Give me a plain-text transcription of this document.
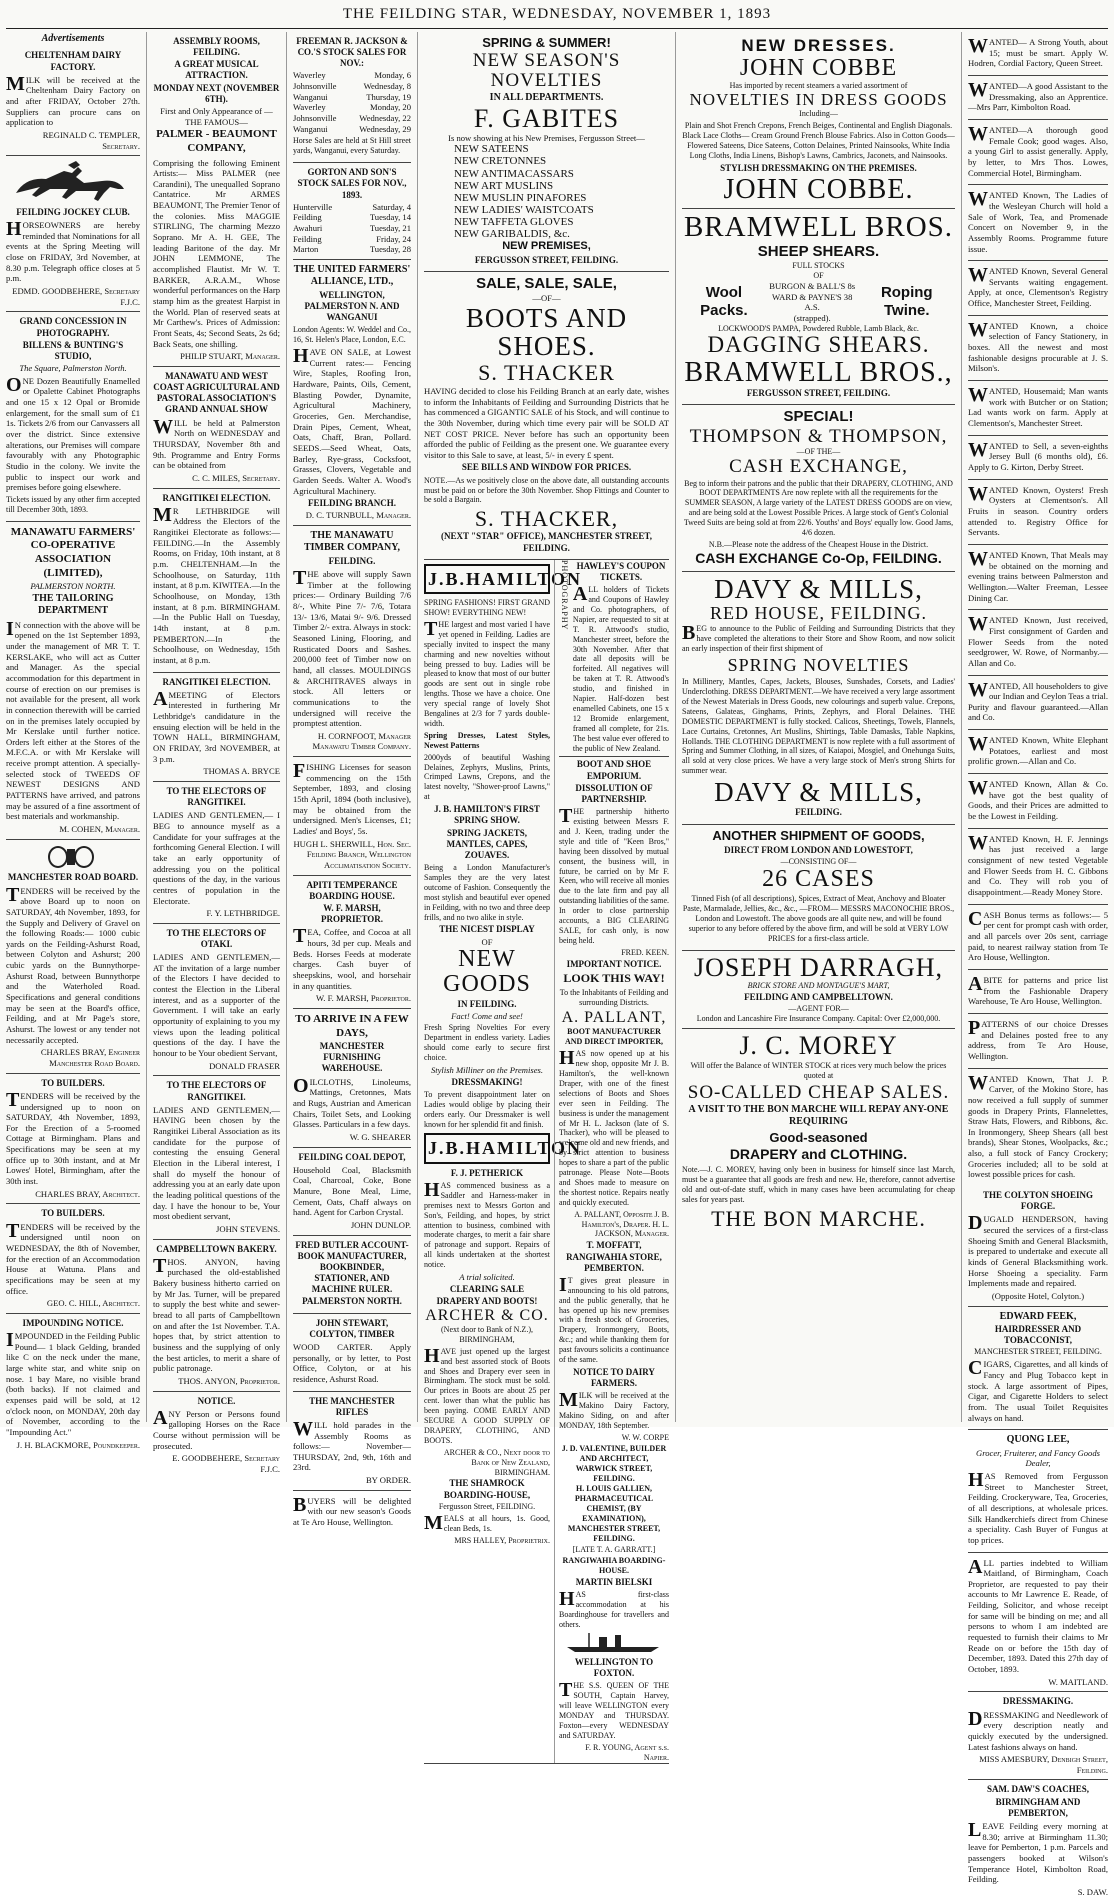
THE FEILDING STAR, WEDNESDAY, NOVEMBER 1, 1893
Advertisements
CHELTENHAM DAIRY FACTORY.

MILK will be received at the Cheltenham Dairy Factory on and after FRIDAY, October 27th. Suppliers can procure cans on application to

REGINALD C. TEMPLER, Secretary.
FEILDING JOCKEY CLUB.

HORSEOWNERS are hereby reminded that Nominations for all events at the Spring Meeting will close on FRIDAY, 3rd November, at 8.30 p.m. Telegraph office closes at 5 p.m.

EDMD. GOODBEHERE, Secretary F.J.C.
GRAND CONCESSION IN PHOTOGRAPHY.
BILLENS & BUNTING'S STUDIO,
The Square, Palmerston North.

ONE Dozen Beautifully Enamelled or Opalette Cabinet Photographs and one 15 x 12 Opal or Bromide enlargement, for the small sum of £1 1s. Tickets 2/6 from our Canvassers all over the district. Since extensive alterations, our Premises will compare favourably with any Photographic Studio in the colony. We invite the public to inspect our work and premises before going elsewhere.

Tickets issued by any other firm accepted till December 30th, 1893.

MANAWATU FARMERS' CO-OPERATIVE ASSOCIATION (LIMITED),
PALMERSTON NORTH.
THE TAILORING DEPARTMENT

IN connection with the above will be opened on the 1st September 1893, under the management of MR T. T. KERSLAKE, who will act as Cutter and Manager. As the special accommodation for this department in course of erection on our premises is not available for the present, all work in connection therewith will be carried on in the premises lately occupied by Mr Kerslake until further notice. Orders left either at the Stores of the M.F.C.A. or with Mr Kerslake will receive prompt attention. A specially-selected stock of TWEEDS OF NEWEST DESIGNS AND PATTERNS have arrived, and patrons may be assured of a fine assortment of best materials and workmanship.

M. COHEN, Manager.
MANCHESTER ROAD BOARD.

TENDERS will be received by the above Board up to noon on SATURDAY, 4th November, 1893, for the Supply and Delivery of Gravel on the following Roads:— 1000 cubic yards on the Feilding-Ashurst Road, between Colyton and Ashurst; 200 cubic yards on the Bunnythorpe-Ashurst Road, between Bunnythorpe and the Waterholed Road. Specifications and general conditions may be seen at the Board's office, Feilding, and at Mr Page's store, Ashurst. The lowest or any tender not necessarily accepted.

CHARLES BRAY, Engineer Manchester Road Board.
TO BUILDERS.

TENDERS will be received by the undersigned up to noon on SATURDAY, 4th November, 1893, For the Erection of a 5-roomed Cottage at Birmingham. Plans and Specifications may be seen at my office up to 30th instant, and at Mr Lowes' Hotel, Birmingham, after the 30th inst.

CHARLES BRAY, Architect.
TO BUILDERS.

TENDERS will be received by the undersigned until noon on WEDNESDAY, the 8th of November, for the erection of an Accommodation House at Watuna. Plans and specifications may be seen at my office.

GEO. C. HILL, Architect.
IMPOUNDING NOTICE.

IMPOUNDED in the Feilding Public Pound— 1 black Gelding, branded like C on the neck under the mane, large white star, and white snip on nose. 1 bay Mare, no visible brand (both backs). If not claimed and expenses paid will be sold, at 12 o'clock noon, on MONDAY, 20th day of November, according to the "Impounding Act."

J. H. BLACKMORE, Poundkeeper.
ASSEMBLY ROOMS, FEILDING.
A GREAT MUSICAL ATTRACTION.
MONDAY NEXT (NOVEMBER 6TH).
First and Only Appearance of —THE FAMOUS—
PALMER - BEAUMONT COMPANY,

Comprising the following Eminent Artists:— Miss PALMER (nee Carandini), The unequalled Soprano Cantatrice. Mr ARMES BEAUMONT, The Premier Tenor of the colonies. Miss MAGGIE STIRLING, The charming Mezzo Soprano. Mr A. H. GEE, The leading Baritone of the day. Mr JOHN LEMMONE, The accomplished Flautist. Mr W. T. BARKER, A.R.A.M., Whose wonderful performances on the Harp stamp him as the greatest Harpist in the World. Plan of reserved seats at Mr Carthew's. Prices of Admission: Front Seats, 4s; Second Seats, 2s 6d; Back Seats, one shilling.

PHILIP STUART, Manager.
MANAWATU AND WEST COAST AGRICULTURAL AND PASTORAL ASSOCIATION'S GRAND ANNUAL SHOW

WILL be held at Palmerston North on WEDNESDAY and THURSDAY, November 8th and 9th. Programme and Entry Forms can be obtained from

C. C. MILES, Secretary.
RANGITIKEI ELECTION.

MR LETHBRIDGE will Address the Electors of the Rangitikei Electorate as follows:— FEILDING.—In the Assembly Rooms, on Friday, 10th instant, at 8 p.m. CHELTENHAM.—In the Schoolhouse, on Saturday, 11th instant, at 8 p.m. KIWITEA.—In the Schoolhouse, on Monday, 13th instant, at 8 p.m. BIRMINGHAM.—In the Public Hall on Tuesday, 14th instant, at 8 p.m. PEMBERTON.—In the Schoolhouse, on Wednesday, 15th instant, at 8 p.m.

RANGITIKEI ELECTION.

AMEETING of Electors interested in furthering Mr Lethbridge's candidature in the ensuing election will be held in the TOWN HALL, BIRMINGHAM, ON FRIDAY, 3rd NOVEMBER, at 3 p.m.

THOMAS A. BRYCE
TO THE ELECTORS OF RANGITIKEI.

LADIES AND GENTLEMEN,— I BEG to announce myself as a Candidate for your suffrages at the forthcoming General Election. I will take an early opportunity of addressing you on the political questions of the day, in the various centres of population in the Electorate.

F. Y. LETHBRIDGE.
TO THE ELECTORS OF OTAKI.

LADIES AND GENTLEMEN,— AT the invitation of a large number of the Electors I have decided to contest the Election in the Liberal interest, and as a supporter of the Government. I will take an early opportunity of explaining to you my views upon the leading political questions of the day. I have the honour to be Your obedient Servant,

DONALD FRASER
TO THE ELECTORS OF RANGITIKEI.

LADIES AND GENTLEMEN,— HAVING been chosen by the Rangitikei Liberal Association as its candidate for the purpose of contesting the ensuing General Election in the Liberal interest, I shall do myself the honour of addressing you at an early date upon the leading political questions of the day. I have the honour to be, Your most obedient servant,

JOHN STEVENS.
CAMPBELLTOWN BAKERY.

THOS. ANYON, having purchased the old-established Bakery business hitherto carried on by Mr Jas. Turner, will be prepared to supply the best white and sewer-bread to all parts of Campbelltown on and after the 1st November. T.A. hopes that, by strict attention to business and the supplying of only the best articles, to merit a share of public patronage.

THOS. ANYON, Proprietor.
NOTICE.

ANY Person or Persons found galloping Horses on the Race Course without permission will be prosecuted.

E. GOODBEHERE, Secretary F.J.C.
FREEMAN R. JACKSON & CO.'S STOCK SALES FOR NOV.:
Waverley	Monday, 6
Johnsonville	Wednesday, 8
Wanganui	Thursday, 19
Waverley	Monday, 20
Johnsonville	Wednesday, 22
Wanganui	Wednesday, 29

Horse Sales are held at St Hill street yards, Wanganui, every Saturday.

GORTON AND SON'S STOCK SALES FOR NOV., 1893.
Hunterville	Saturday, 4
Feilding	Tuesday, 14
Awahuri	Tuesday, 21
Feilding	Friday, 24
Marton	Tuesday, 28
THE UNITED FARMERS' ALLIANCE, LTD.,
WELLINGTON, PALMERSTON N. AND WANGANUI

London Agents: W. Weddel and Co., 16, St. Helen's Place, London, E.C.

HAVE ON SALE, at Lowest Current rates:— Fencing Wire, Staples, Roofing Iron, Hardware, Paints, Oils, Cement, Blasting Powder, Dynamite, Agricultural Machinery, Groceries, Gen. Merchandise, Drain Pipes, Cement, Wheat, Oats, Chaff, Bran, Pollard. SEEDS.—Seed Wheat, Oats, Barley, Rye-grass, Cocksfoot, Grasses, Clovers, Vegetable and Garden Seeds. Walter A. Wood's Agricultural Machinery.

FEILDING BRANCH.
D. C. TURNBULL, Manager.
THE MANAWATU TIMBER COMPANY,
FEILDING.

THE above will supply Sawn Timber at the following prices:— Ordinary Building 7/6 8/-, White Pine 7/- 7/6, Totara 13/- 13/6, Matai 9/- 9/6. Dressed Timber 2/- extra. Always in stock: Seasoned Lining, Flooring, and Rusticated Doors and Sashes. 200,000 feet of Timber now on hand, all classes. MOULDINGS & ARCHITRAVES always in stock. All letters or communications to the undersigned will receive the promptest attention.

H. CORNFOOT, Manager Manawatu Timber Company.

FISHING Licenses for season commencing on the 15th September, 1893, and closing 15th April, 1894 (both inclusive), may be obtained from the undersigned. Men's Licenses, £1; Ladies' and Boys', 5s.

HUGH L. SHERWILL, Hon. Sec. Feilding Branch, Wellington Acclimatisation Society.
APITI TEMPERANCE BOARDING HOUSE.
W. F. MARSH, PROPRIETOR.

TEA, Coffee, and Cocoa at all hours, 3d per cup. Meals and Beds. Horses Feeds at moderate charges. Cash buyer of sheepskins, wool, and horsehair in any quantities.

W. F. MARSH, Proprietor.
TO ARRIVE IN A FEW DAYS,
MANCHESTER FURNISHING WAREHOUSE.

OILCLOTHS, Linoleums, Mattings, Cretonnes, Mats and Rugs, Austrian and American Chairs, Toilet Sets, and Looking Glasses. Particulars in a few days.

W. G. SHEARER
FEILDING COAL DEPOT,

Household Coal, Blacksmith Coal, Charcoal, Coke, Bone Manure, Bone Meal, Lime, Cement, Oats, Chaff always on hand. Agent for Carbon Crystal.

JOHN DUNLOP.
FRED BUTLER ACCOUNT-BOOK MANUFACTURER, BOOKBINDER, STATIONER, AND MACHINE RULER.
PALMERSTON NORTH.
JOHN STEWART, COLYTON, TIMBER

WOOD CARTER. Apply personally, or by letter, to Post Office, Colyton, or at his residence, Ashurst Road.

THE MANCHESTER RIFLES

WILL hold parades in the Assembly Rooms as follows:— November—THURSDAY, 2nd, 9th, 16th and 23rd.

BY ORDER.

BUYERS will be delighted with our new season's Goods at Te Aro House, Wellington.

SPRING & SUMMER!
NEW SEASON'S NOVELTIES
IN ALL DEPARTMENTS.
F. GABITES
Is now showing at his New Premises, Fergusson Street—
NEW SATEENS
NEW CRETONNES
NEW ANTIMACASSARS
NEW ART MUSLINS
NEW MUSLIN PINAFORES
NEW LADIES' WAISTCOATS
NEW TAFFETA GLOVES
NEW GARIBALDIS, &c.
NEW PREMISES,
FERGUSSON STREET, FEILDING.
SALE, SALE, SALE,
—OF—
BOOTS AND SHOES.
S. THACKER

HAVING decided to close his Feilding Branch at an early date, wishes to inform the Inhabitants of Feilding and Surrounding Districts that he has commenced a GIGANTIC SALE of his Stock, and will continue to the 30th November, during which time every pair will be SOLD AT NET COST PRICE. Never before has such an opportunity been afforded the public of Feilding as the present one. We guarantee every visitor to this Sale to save, at least, 5/- in every £ spent.

SEE BILLS AND WINDOW FOR PRICES.

NOTE.—As we positively close on the above date, all outstanding accounts must be paid on or before the 30th November. Shop Fittings and Counter to be sold a Bargain.

S. THACKER,
(NEXT "STAR" OFFICE), MANCHESTER STREET, FEILDING.
J.B.HAMILTON

SPRING FASHIONS! FIRST GRAND SHOW! EVERYTHING NEW!

THE largest and most varied I have yet opened in Feilding. Ladies are specially invited to inspect the many charming and new novelties without being pressed to buy. Ladies will be pleased to know that most of our butter goods are sent out in single robe lengths. Those we have a choice. One very special range of lovely Shot Bengalines at 2/3 for 7 yards double-width.

Spring Dresses, Latest Styles, Newest Patterns

2000yds of beautiful Washing Delaines, Zephyrs, Muslins, Prints, Crimped Lawns, Crepons, and the latest novelty, "Shower-proof Lawns," at

J. B. HAMILTON'S FIRST SPRING SHOW.
SPRING JACKETS, MANTLES, CAPES, ZOUAVES.

Being a London Manufacturer's Samples they are the very latest outcome of Fashion. Consequently the most stylish and beautiful ever opened in Feilding, with no two and three deep frills, and no two alike in style.

THE NICEST DISPLAY
OF
NEW GOODS
IN FEILDING.
Fact! Come and see!

Fresh Spring Novelties For every Department in endless variety. Ladies should come early to secure first choice.

Stylish Milliner on the Premises.
DRESSMAKING!

To prevent disappointment later on Ladies would oblige by placing their orders early. Our Dressmaker is well known for her splendid fit and finish.

J.B.HAMILTON
F. J. PETHERICK

HAS commenced business as a Saddler and Harness-maker in premises next to Messrs Gorton and Son's, Feilding, and hopes, by strict attention to business, combined with moderate charges, to merit a fair share of patronage and support. Repairs of all kinds undertaken at the shortest notice.

A trial solicited.
CLEARING SALE
DRAPERY AND BOOTS!
ARCHER & CO.
(Next door to Bank of N.Z.), BIRMINGHAM,

HAVE just opened up the largest and best assorted stock of Boots and Shoes and Drapery ever seen in Birmingham. The stock must be sold. Our prices in Boots are about 25 per cent. lower than what the public has been paying. COME EARLY AND SECURE A GOOD SUPPLY OF DRAPERY, CLOTHING, AND BOOTS.

ARCHER & CO., Next door to Bank of New Zealand, BIRMINGHAM.
THE SHAMROCK BOARDING-HOUSE,
Fergusson Street, FEILDING.

MEALS at all hours, 1s. Good, clean Beds, 1s.

MRS HALLEY, Proprietrix.
PHOTOGRAPHY HAWLEY'S COUPON TICKETS.

ALL holders of Tickets and Coupons of Hawley and Co. photographers, of Napier, are requested to sit at T. R. Attwood's studio, Manchester street, before the 30th November. After that date all deposits will be forfeited. All negatives will be taken at T. R. Attwood's studio, and finished in Napier. Half-dozen best enamelled Cabinets, one 15 x 12 Bromide enlargement, framed all complete, for 21s. The best value ever offered to the public of New Zealand.

BOOT AND SHOE EMPORIUM.
DISSOLUTION OF PARTNERSHIP.

THE partnership hitherto existing between Messrs F. and J. Keen, trading under the style and title of "Keen Bros," having been dissolved by mutual consent, the business will, in future, be carried on by Mr F. Keen, who will receive all monies due to the late firm and pay all outstanding liabilities of the same. In order to close partnership accounts, a BIG CLEARING SALE, for cash only, is now being held.

FRED. KEEN.
IMPORTANT NOTICE.
LOOK THIS WAY!

To the Inhabitants of Feilding and surrounding Districts.

A. PALLANT,
BOOT MANUFACTURER AND DIRECT IMPORTER,

HAS now opened up at his new shop, opposite Mr J. B. Hamilton's, the well-known Draper, with one of the finest selections of Boots and Shoes ever seen in Feilding. The business is under the management of Mr H. L. Jackson (late of S. Thacker), who will be pleased to welcome old and new friends, and by strict attention to business hopes to share a part of the public patronage. Please Note—Boots and Shoes made to measure on the shortest notice. Repairs neatly and quickly executed.

A. PALLANT, Opposite J. B. Hamilton's, Draper. H. L. JACKSON, Manager.
T. MOFFATT, RANGIWAHIA STORE, PEMBERTON.

IT gives great pleasure in announcing to his old patrons, and the public generally, that he has opened up his new premises with a fresh stock of Groceries, Drapery, Ironmongery, Boots, &c.; and while thanking them for past favours solicits a continuance of the same.

NOTICE TO DAIRY FARMERS.

MILK will be received at the Makino Dairy Factory, Makino Siding, on and after MONDAY, 18th September.

W. W. CORPE
J. D. VALENTINE, BUILDER AND ARCHITECT, WARWICK STREET, FEILDING.
H. LOUIS GALLIEN, PHARMACEUTICAL CHEMIST, (BY EXAMINATION), MANCHESTER STREET, FEILDING.
[LATE T. A. GARRATT.]
RANGIWAHIA BOARDING-HOUSE.
MARTIN BIELSKI

HAS first-class accommodation at his Boardinghouse for travellers and others.

WELLINGTON TO FOXTON.

THE S.S. QUEEN OF THE SOUTH, Captain Harvey, will leave WELLINGTON every MONDAY and THURSDAY. Foxton—every WEDNESDAY and SATURDAY.

F. R. YOUNG, Agent s.s. Napier.
NEW DRESSES.
JOHN COBBE
Has imported by recent steamers a varied assortment of
NOVELTIES IN DRESS GOODS
Including—

Plain and Shot French Crepons, French Beiges, Continental and English Diagonals. Black Lace Cloths— Cream Ground French Blouse Fabrics. Also in Cotton Goods— Flowered Sateens, Dice Sateens, Cotton Delaines, Printed Nainsooks, White India Long Cloths, India Linens, Bishop's Lawns, Cambrics, Jaconets, and Nainsooks.

STYLISH DRESSMAKING ON THE PREMISES.
JOHN COBBE.
BRAMWELL BROS.
SHEEP SHEARS.
FULL STOCKS
OF
Wool Packs.
BURGON & BALL'S 8s
WARD & PAYNE'S 38 A.S.
(strapped).
Roping Twine.
LOCKWOOD'S PAMPA, Powdered Rubble, Lamb Black, &c.
DAGGING SHEARS.
BRAMWELL BROS.,
FERGUSSON STREET, FEILDING.
SPECIAL!
THOMPSON & THOMPSON,
—OF THE—
CASH EXCHANGE,

Beg to inform their patrons and the public that their DRAPERY, CLOTHING, AND BOOT DEPARTMENTS Are now replete with all the requirements for the SUMMER SEASON, A large variety of the LATEST DRESS GOODS are on view, and are being sold at the Lowest Possible Prices. A large stock of Gent's Colonial Tweed Suits are being sold at from 22/6. Youths' and Boys' equally low. Good Jams, 4/6 dozen.

N.B.—Please note the address of the Cheapest House in the District.
CASH EXCHANGE Co-Op, FEILDING.
DAVY & MILLS,
RED HOUSE, FEILDING.

BEG to announce to the Public of Feilding and Surrounding Districts that they have completed the alterations to their Store and Show Room, and now solicit an early inspection of their first shipment of

SPRING NOVELTIES

In Millinery, Mantles, Capes, Jackets, Blouses, Sunshades, Corsets, and Ladies' Underclothing. DRESS DEPARTMENT.—We have received a very large assortment of the Newest Materials in Dress Goods, new colourings and superb value. Crepons, Sateens, Galateas, Ginghams, Prints, Zephyrs, and Floral Delaines. THE DOMESTIC DEPARTMENT is fully stocked. Calicos, Sheetings, Towels, Flannels, Lace Curtains, Cretonnes, Art Muslins, Shirtings, Table Damasks, Table Napkins, Hollands. THE CLOTHING DEPARTMENT is now replete with a full assortment of Spring and Summer Clothing, in all sizes, of Kaiapoi, Mosgiel, and Onehunga Suits, all sold at very close prices. We have a very large stock of Men's strong Shirts for summer wear.

DAVY & MILLS,
FEILDING.
ANOTHER SHIPMENT OF GOODS,
DIRECT FROM LONDON AND LOWESTOFT,
—CONSISTING OF—
26 CASES

Tinned Fish (of all descriptions), Spices, Extract of Meat, Anchovy and Bloater Paste, Marmalade, Jellies, &c., &c., —FROM— MESSRS MACONOCHIE BROS., London and Lowestoft. The above goods are all quite new, and will be found superior to any before offered by the above firm, and will be sold at VERY LOW PRICES for a first-class article.

JOSEPH DARRAGH,
BRICK STORE AND MONTAGUE'S MART,
FEILDING AND CAMPBELLTOWN.
—AGENT FOR—
London and Lancashire Fire Insurance Company. Capital: Over £2,000,000.
J. C. MOREY

Will offer the Balance of WINTER STOCK at rices very much below the prices quoted at

SO-CALLED CHEAP SALES.
A VISIT TO THE BON MARCHE WILL REPAY ANY-ONE REQUIRING
Good-seasoned
DRAPERY and CLOTHING.

Note.—J. C. MOREY, having only been in business for himself since last March, must be a guarantee that all goods are fresh and new. He, therefore, cannot advertise old and out-of-date stuff, which in many cases have been accumulating for cheap sales for years past.

THE BON MARCHE.

WANTED— A Strong Youth, about 15; must be smart. Apply W. Hodren, Cordial Factory, Queen Street.

WANTED—A good Assistant to the Dressmaking, also an Apprentice.—Mrs Parr, Kimbolton Road.

WANTED—A thorough good Female Cook; good wages. Also, a young Girl to assist generally. Apply, by letter, to Mrs Thos. Lowes, Commercial Hotel, Birmingham.

WANTED Known, The Ladies of the Wesleyan Church will hold a Sale of Work, Tea, and Promenade Concert on November 9, in the Assembly Rooms. Programme future issue.

WANTED Known, Several General Servants waiting engagement. Apply, at once, Clementson's Registry Office, Manchester Street, Feilding.

WANTED Known, a choice selection of Fancy Stationery, in boxes. All the newest and most fashionable designs procurable at J. S. Milson's.

WANTED, Housemaid; Man wants work with Butcher or on Station; Lad wants work on farm. Apply at Clementson's, Manchester Street.

WANTED to Sell, a seven-eighths Jersey Bull (6 months old), £6. Apply to G. Kirton, Derby Street.

WANTED Known, Oysters! Fresh Oysters at Clementson's. All Fruits in season. Country orders attended to. Registry Office for Servants.

WANTED Known, That Meals may be obtained on the morning and evening trains between Palmerston and Wellington.—Walter Freeman, Lessee Dining Car.

WANTED Known, Just received, First consignment of Garden and Flower Seeds from the noted seedgrower, W. Rowe, of Normanby.—Allan and Co.

WANTED, All householders to give our Indian and Ceylon Teas a trial. Purity and flavour guaranteed.—Allan and Co.

WANTED Known, White Elephant Potatoes, earliest and most prolific grown.—Allan and Co.

WANTED Known, Allan & Co. have got the best quality of Goods, and their Prices are admitted to be the Lowest in Feilding.

WANTED Known, H. F. Jennings has just received a large consignment of new tested Vegetable and Flower Seeds from H. C. Gibbons and Co. They will rob you of disappointment.—Ready Money Store.

CASH Bonus terms as follows:— 5 per cent for prompt cash with order, and all parcels over 20s sent, carriage paid, to nearest railway station from Te Aro House, Wellington.

ABITE for patterns and price list from the Fashionable Drapery Warehouse, Te Aro House, Wellington.

PATTERNS of our choice Dresses and Delaines posted free to any address, from Te Aro House, Wellington.

WANTED Known, That J. P. Carver, of the Mokino Store, has now received a full supply of summer goods in Drapery Prints, Flannelettes, Straw Hats, Flowers, and Ribbons, &c. In Ironmongery, Sheep Shears (all best brands), Shear Stones, Woolpacks, &c.; also, a full stock of Fancy Crockery; Groceries included; all to be sold at lowest possible prices for cash.

THE COLYTON SHOEING FORGE.

DUGALD HENDERSON, having secured the services of a first-class Shoeing Smith and General Blacksmith, is prepared to undertake and execute all kinds of General Blacksmithing work. Horse Shoeing a speciality. Farm Implements made and repaired.

(Opposite Hotel, Colyton.)
EDWARD FEEK,
HAIRDRESSER AND TOBACCONIST,
MANCHESTER STREET, FEILDING.

CIGARS, Cigarettes, and all kinds of Fancy and Plug Tobacco kept in stock. A large assortment of Pipes, Cigar, and Cigarette Holders to select from. The usual Toilet Requisites always on hand.

QUONG LEE,
Grocer, Fruiterer, and Fancy Goods Dealer,

HAS Removed from Fergusson Street to Manchester Street, Feilding. Crockeryware, Tea, Groceries, of all descriptions, at wholesale prices. Silk Handkerchiefs direct from Chinese a speciality. Cash Buyer of Fungus at top prices.

ALL parties indebted to William Maitland, of Birmingham, Coach Proprietor, are requested to pay their accounts to Mr Lawrence E. Reade, of Feilding, Solicitor, and whose receipt for same will be binding on me; and all persons to whom I am indebted are requested to furnish their claims to Mr Reade on or before the 15th day of December, 1893. Dated this 27th day of October, 1893.

W. MAITLAND.
DRESSMAKING.

DRESSMAKING and Needlework of every description neatly and quickly executed by the undersigned. Latest fashions always on hand.

MISS AMESBURY, Denbigh Street, Feilding.
SAM. DAW'S COACHES,
BIRMINGHAM AND PEMBERTON,

LEAVE Feilding every morning at 8.30; arrive at Birmingham 11.30; leave for Pemberton, 1 p.m. Parcels and passengers booked at Wilson's Temperance Hotel, Kimbolton Road, Feilding.

S. DAW.
